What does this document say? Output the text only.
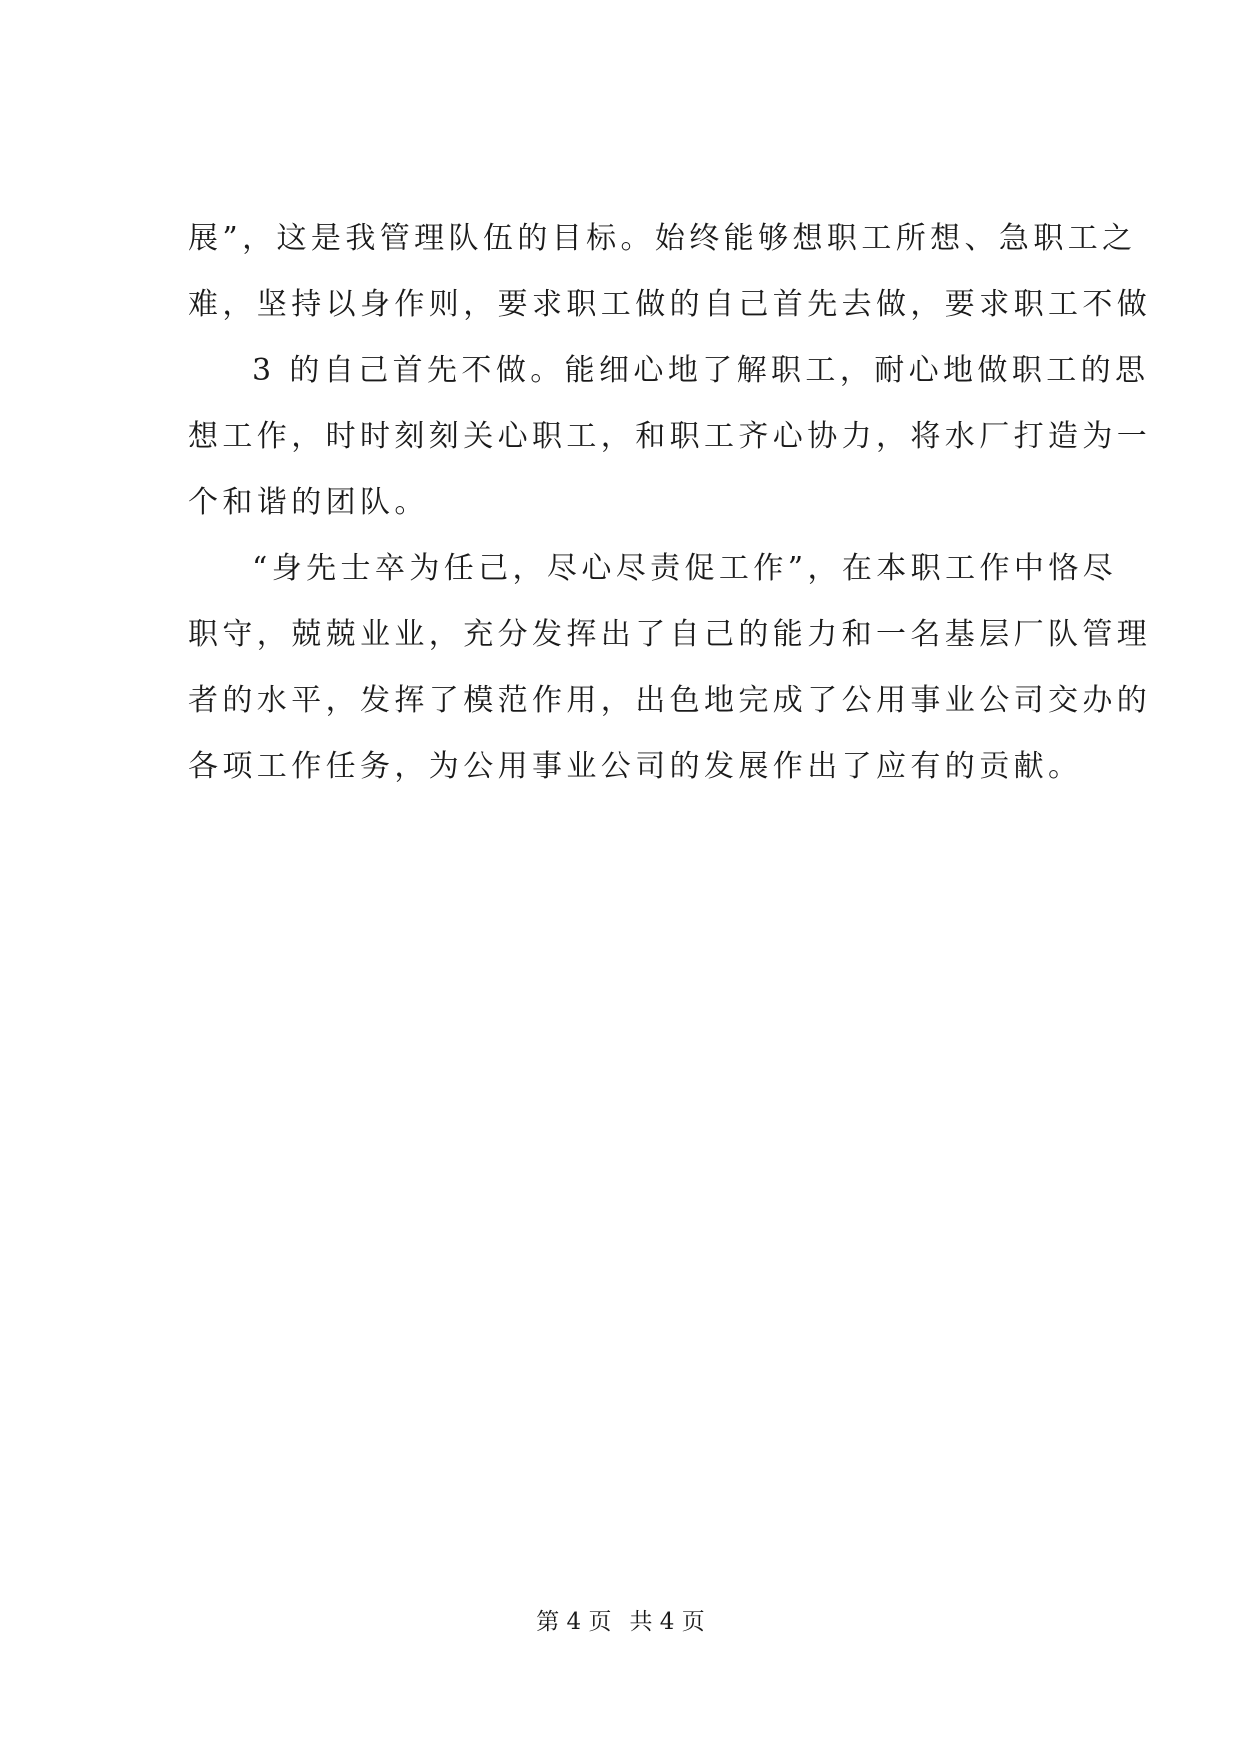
展”，这是我管理队伍的目标。始终能够想职工所想、急职工之
难，坚持以身作则，要求职工做的自己首先去做，要求职工不做
3 的自己首先不做。能细心地了解职工，耐心地做职工的思
想工作，时时刻刻关心职工，和职工齐心协力，将水厂打造为一
个和谐的团队。
“身先士卒为任己，尽心尽责促工作”，在本职工作中恪尽
职守，兢兢业业，充分发挥出了自己的能力和一名基层厂队管理
者的水平，发挥了模范作用，出色地完成了公用事业公司交办的
各项工作任务，为公用事业公司的发展作出了应有的贡献。
第 4 页 共 4 页
